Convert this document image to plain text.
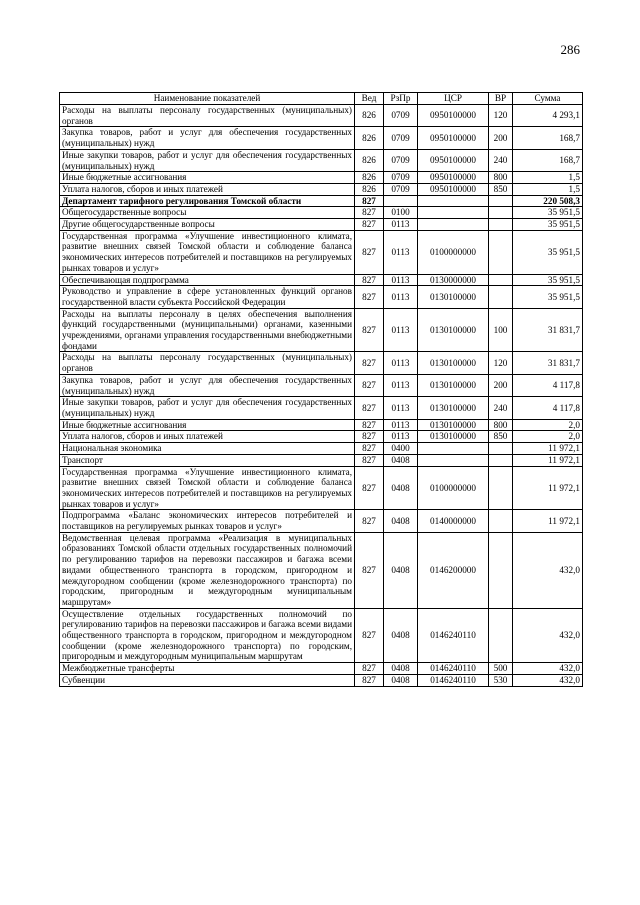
286
Наименование показателей	Вед	РзПр	ЦСР	ВР	Сумма
Расходы на выплаты персоналу государственных (муниципальных) органов	826	0709	0950100000	120	4 293,1
Закупка товаров, работ и услуг для обеспечения государственных (муниципальных) нужд	826	0709	0950100000	200	168,7
Иные закупки товаров, работ и услуг для обеспечения государственных (муниципальных) нужд	826	0709	0950100000	240	168,7
Иные бюджетные ассигнования	826	0709	0950100000	800	1,5
Уплата налогов, сборов и иных платежей	826	0709	0950100000	850	1,5
Департамент тарифного регулирования Томской области	827				220 508,3
Общегосударственные вопросы	827	0100			35 951,5
Другие общегосударственные вопросы	827	0113			35 951,5
Государственная программа «Улучшение инвестиционного климата, развитие внешних связей Томской области и соблюдение баланса экономических интересов потребителей и поставщиков на регулируемых рынках товаров и услуг»	827	0113	0100000000		35 951,5
Обеспечивающая подпрограмма	827	0113	0130000000		35 951,5
Руководство и управление в сфере установленных функций органов государственной власти субъекта Российской Федерации	827	0113	0130100000		35 951,5
Расходы на выплаты персоналу в целях обеспечения выполнения функций государственными (муниципальными) органами, казенными учреждениями, органами управления государственными внебюджетными фондами	827	0113	0130100000	100	31 831,7
Расходы на выплаты персоналу государственных (муниципальных) органов	827	0113	0130100000	120	31 831,7
Закупка товаров, работ и услуг для обеспечения государственных (муниципальных) нужд	827	0113	0130100000	200	4 117,8
Иные закупки товаров, работ и услуг для обеспечения государственных (муниципальных) нужд	827	0113	0130100000	240	4 117,8
Иные бюджетные ассигнования	827	0113	0130100000	800	2,0
Уплата налогов, сборов и иных платежей	827	0113	0130100000	850	2,0
Национальная экономика	827	0400			11 972,1
Транспорт	827	0408			11 972,1
Государственная программа «Улучшение инвестиционного климата, развитие внешних связей Томской области и соблюдение баланса экономических интересов потребителей и поставщиков на регулируемых рынках товаров и услуг»	827	0408	0100000000		11 972,1
Подпрограмма «Баланс экономических интересов потребителей и поставщиков на регулируемых рынках товаров и услуг»	827	0408	0140000000		11 972,1
Ведомственная целевая программа «Реализация в муниципальных образованиях Томской области отдельных государственных полномочий по регулированию тарифов на перевозки пассажиров и багажа всеми видами общественного транспорта в городском, пригородном и междугородном сообщении (кроме железнодорожного транспорта) по городским, пригородным и междугородным муниципальным маршрутам»	827	0408	0146200000		432,0
Осуществление отдельных государственных полномочий по регулированию тарифов на перевозки пассажиров и багажа всеми видами общественного транспорта в городском, пригородном и междугородном сообщении (кроме железнодорожного транспорта) по городским, пригородным и междугородным муниципальным маршрутам	827	0408	0146240110		432,0
Межбюджетные трансферты	827	0408	0146240110	500	432,0
Субвенции	827	0408	0146240110	530	432,0
